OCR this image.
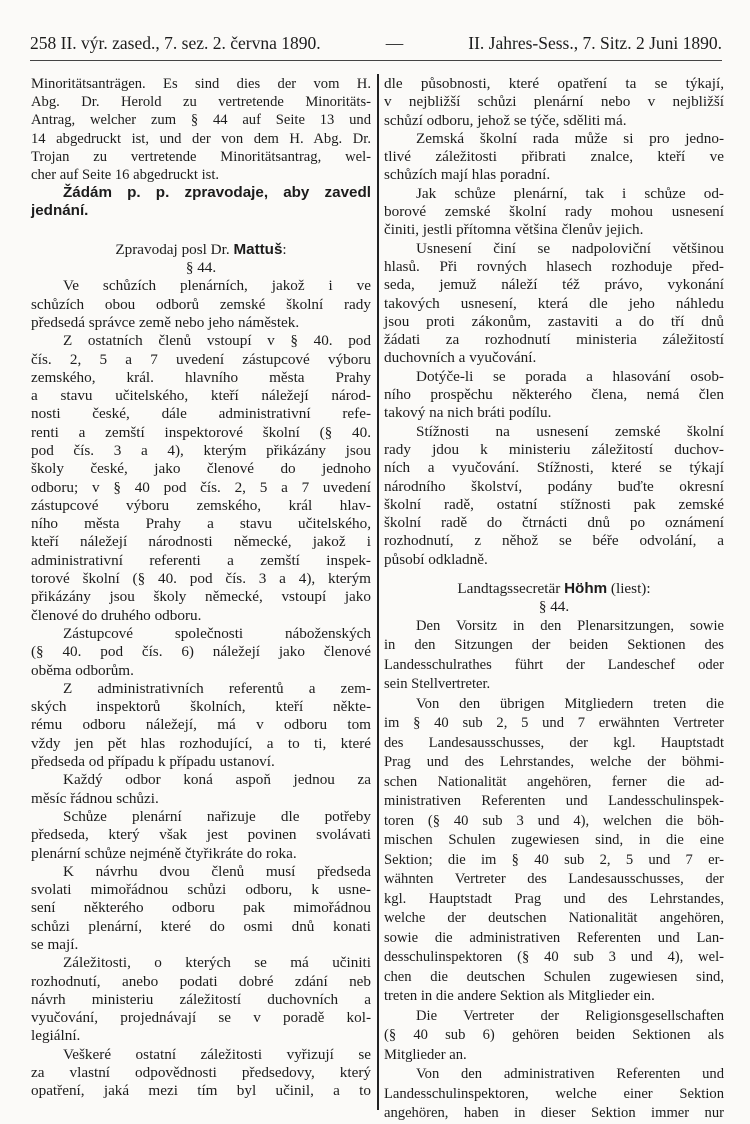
258 II. výr. zased., 7. sez. 2. června 1890.	—	II. Jahres-Sess., 7. Sitz. 2 Juni 1890.
Minoritätsanträgen. Es sind dies der vom H.
Abg. Dr. Herold zu vertretende Minoritäts-
Antrag, welcher zum § 44 auf Seite 13 und
14 abgedruckt ist, und der von dem H. Abg. Dr.
Trojan zu vertretende Minoritätsantrag, wel-
cher auf Seite 16 abgedruckt ist.
Žádám p. p. zpravodaje, aby zavedl
jednání.
Zpravodaj posl Dr. Mattuš:
§ 44.
Ve schůzích plenárních, jakož i ve
schůzích obou odborů zemské školní rady
předsedá správce země nebo jeho náměstek.
Z ostatních členů vstoupí v § 40. pod
čís. 2, 5 a 7 uvedení zástupcové výboru
zemského, král. hlavního města Prahy
a stavu učitelského, kteří náležejí národ-
nosti české, dále administrativní refe-
renti a zemští inspektorové školní (§ 40.
pod čís. 3 a 4), kterým přikázány jsou
školy české, jako členové do jednoho
odboru; v § 40 pod čís. 2, 5 a 7 uvedení
zástupcové výboru zemského, král hlav-
ního města Prahy a stavu učitelského,
kteří náležejí národnosti německé, jakož i
administrativní referenti a zemští inspek-
torové školní (§ 40. pod čís. 3 a 4), kterým
přikázány jsou školy německé, vstoupí jako
členové do druhého odboru.
Zástupcové společnosti náboženských
(§ 40. pod čís. 6) náležejí jako členové
oběma odborům.
Z administrativních referentů a zem-
ských inspektorů školních, kteří někte-
rému odboru náležejí, má v odboru tom
vždy jen pět hlas rozhodující, a to ti, které
předseda od případu k případu ustanoví.
Každý odbor koná aspoň jednou za
měsíc řádnou schůzi.
Schůze plenární nařizuje dle potřeby
předseda, který však jest povinen svolávati
plenární schůze nejméně čtyřikráte do roka.
K návrhu dvou členů musí předseda
svolati mimořádnou schůzi odboru, k usne-
sení některého odboru pak mimořádnou
schůzi plenární, které do osmi dnů konati
se mají.
Záležitosti, o kterých se má učiniti
rozhodnutí, anebo podati dobré zdání neb
návrh ministeriu záležitostí duchovních a
vyučování, projednávají se v poradě kol-
legiální.
Veškeré ostatní záležitosti vyřizují se
za vlastní odpovědnosti předsedovy, který
opatření, jaká mezi tím byl učinil, a to
dle působnosti, které opatření ta se týkají,
v nejbližší schůzi plenární nebo v nejbližší
schůzí odboru, jehož se týče, sděliti má.
Zemská školní rada může si pro jedno-
tlivé záležitosti přibrati znalce, kteří ve
schůzích mají hlas poradní.
Jak schůze plenární, tak i schůze od-
borové zemské školní rady mohou usnesení
činiti, jestli přítomna většina členův jejich.
Usnesení činí se nadpoloviční většinou
hlasů. Při rovných hlasech rozhoduje před-
seda, jemuž náleží též právo, vykonání
takových usnesení, která dle jeho náhledu
jsou proti zákonům, zastaviti a do tří dnů
žádati za rozhodnutí ministeria záležitostí
duchovních a vyučování.
Dotýče-li se porada a hlasování osob-
ního prospěchu některého člena, nemá člen
takový na nich bráti podílu.
Stížnosti na usnesení zemské školní
rady jdou k ministeriu záležitostí duchov-
ních a vyučování. Stížnosti, které se týkají
národního školství, podány buďte okresní
školní radě, ostatní stížnosti pak zemské
školní radě do čtrnácti dnů po oznámení
rozhodnutí, z něhož se béře odvolání, a
působí odkladně.
Landtagssecretär Höhm (liest):
§ 44.
Den Vorsitz in den Plenarsitzungen, sowie
in den Sitzungen der beiden Sektionen des
Landesschulrathes führt der Landeschef oder
sein Stellvertreter.
Von den übrigen Mitgliedern treten die
im § 40 sub 2, 5 und 7 erwähnten Vertreter
des Landesausschusses, der kgl. Hauptstadt
Prag und des Lehrstandes, welche der böhmi-
schen Nationalität angehören, ferner die ad-
ministrativen Referenten und Landesschulinspek-
toren (§ 40 sub 3 und 4), welchen die böh-
mischen Schulen zugewiesen sind, in die eine
Sektion; die im § 40 sub 2, 5 und 7 er-
wähnten Vertreter des Landesausschusses, der
kgl. Hauptstadt Prag und des Lehrstandes,
welche der deutschen Nationalität angehören,
sowie die administrativen Referenten und Lan-
desschulinspektoren (§ 40 sub 3 und 4), wel-
chen die deutschen Schulen zugewiesen sind,
treten in die andere Sektion als Mitglieder ein.
Die Vertreter der Religionsgesellschaften
(§ 40 sub 6) gehören beiden Sektionen als
Mitglieder an.
Von den administrativen Referenten und
Landesschulinspektoren, welche einer Sektion
angehören, haben in dieser Sektion immer nur
